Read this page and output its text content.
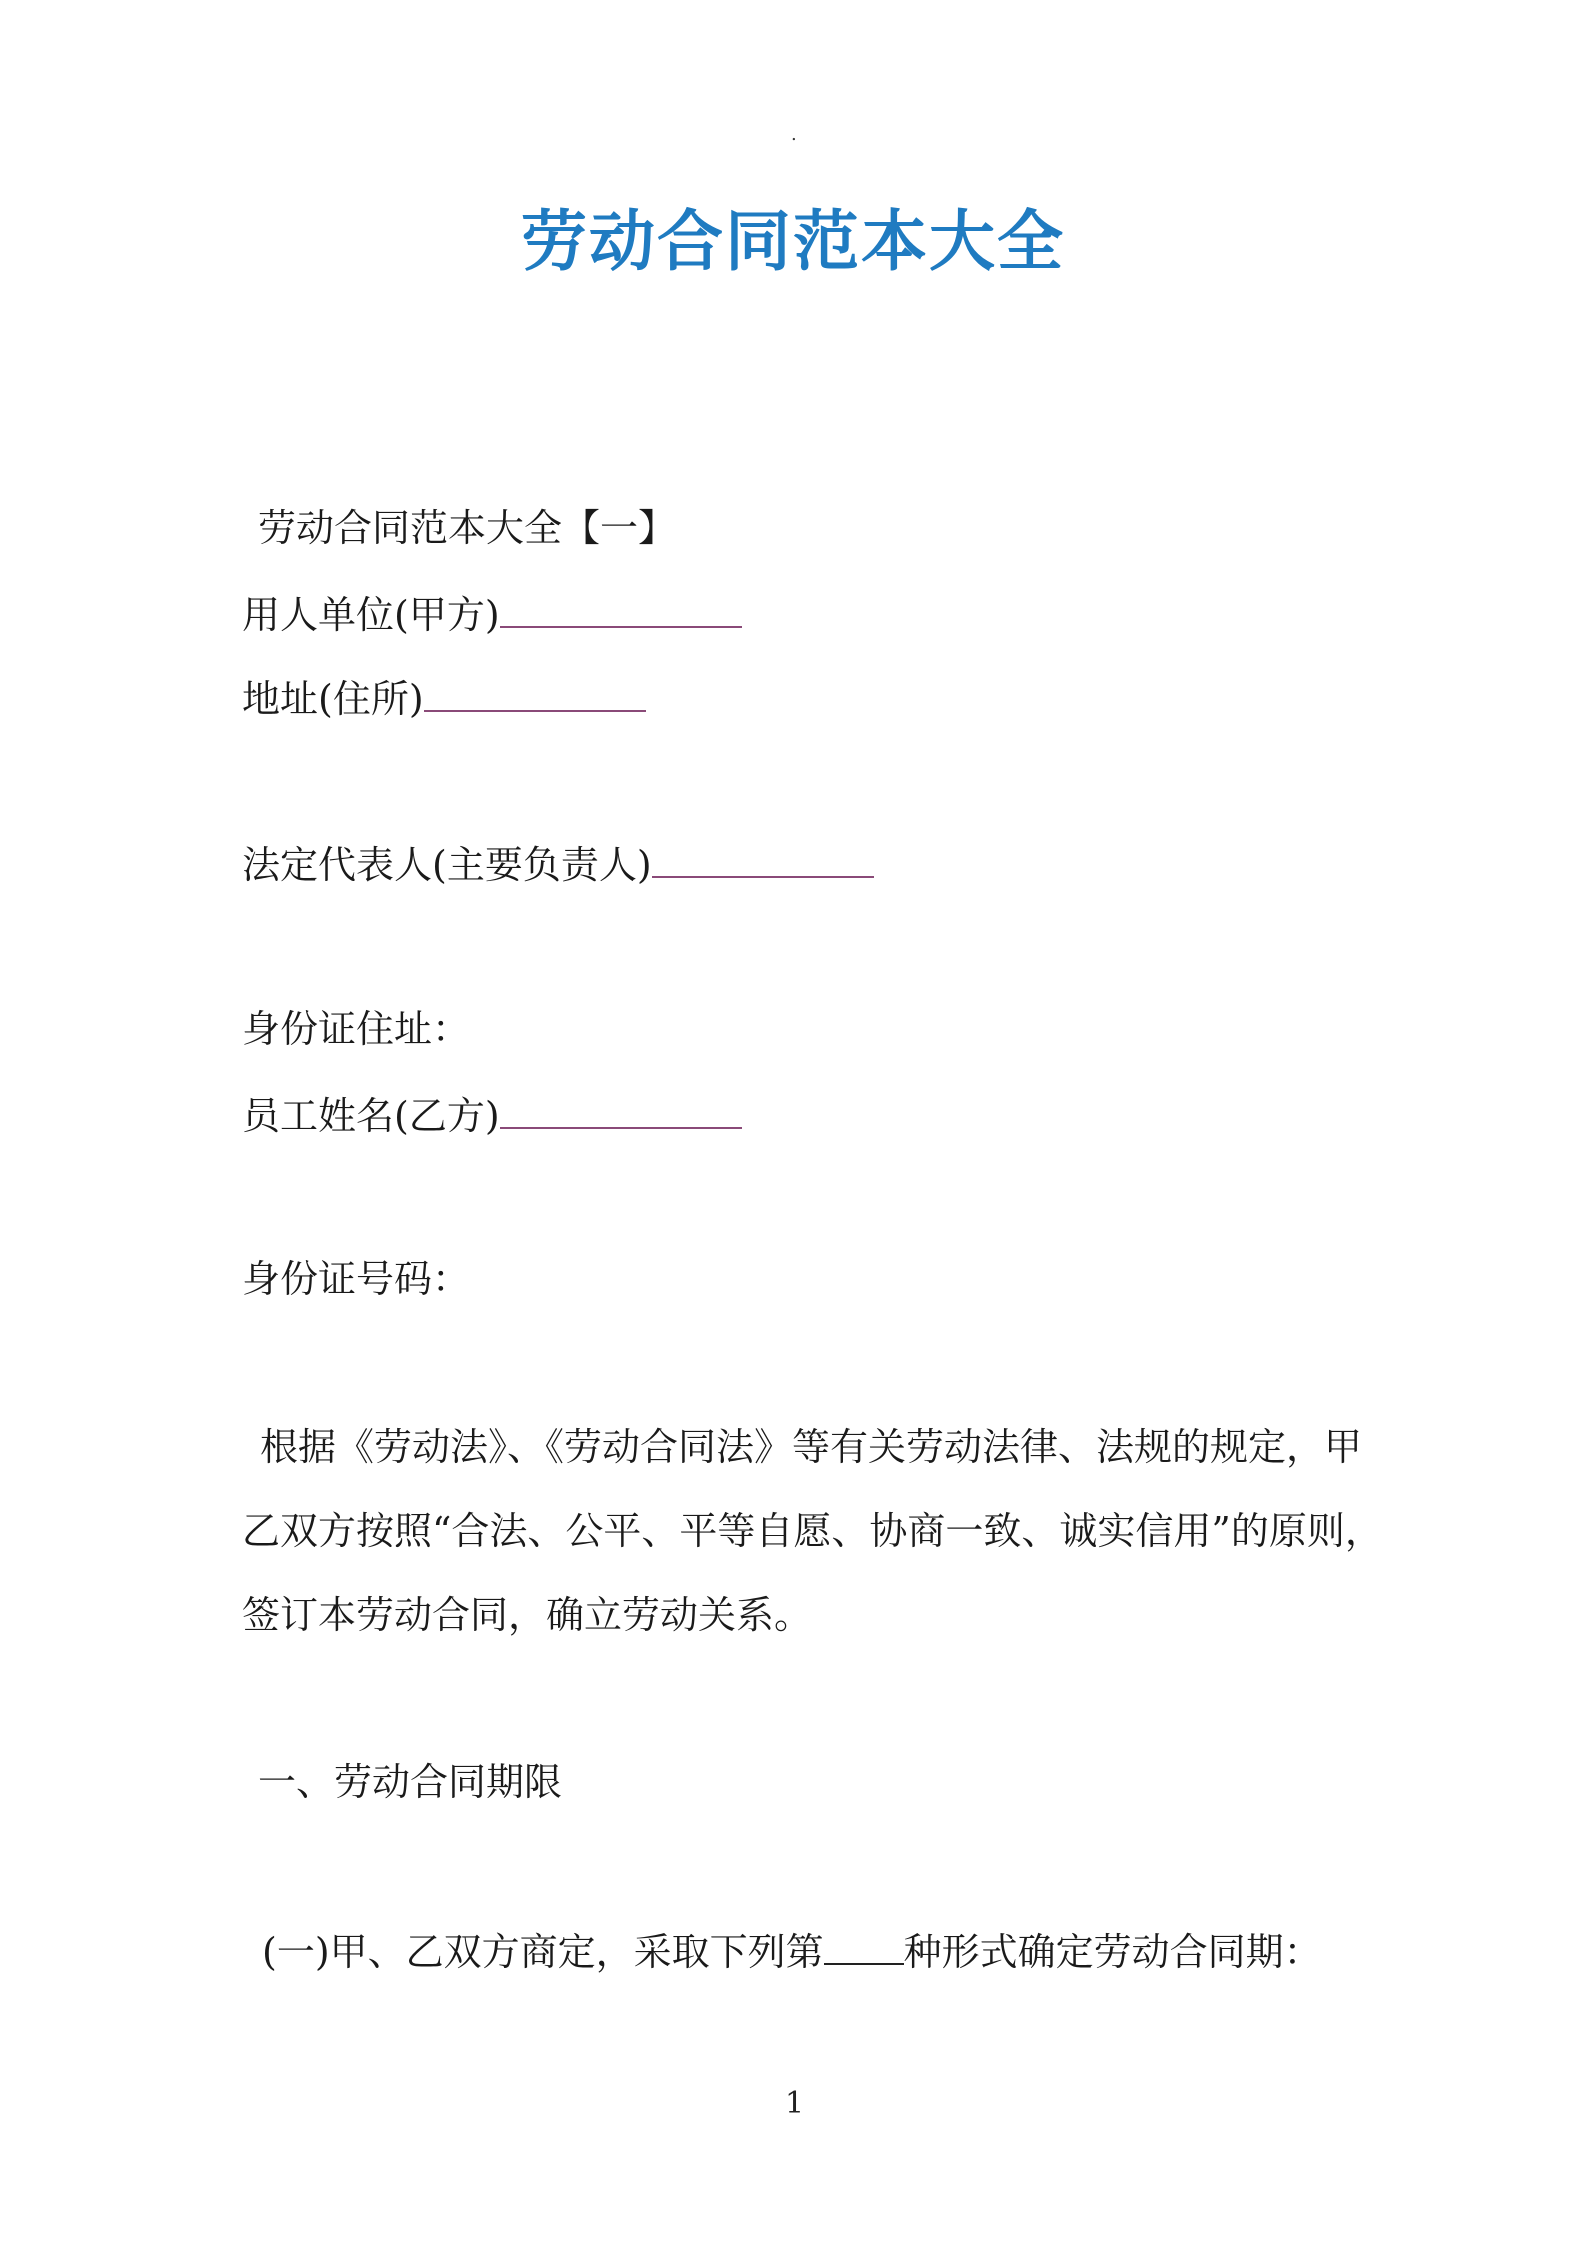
.
劳动合同范本大全
劳动合同范本大全【一】
用人单位(甲方)
地址(住所)
法定代表人(主要负责人)
身份证住址：
员工姓名(乙方)
身份证号码：
根据《劳动法》、《劳动合同法》等有关劳动法律、法规的规定，甲
乙双方按照“合法、公平、平等自愿、协商一致、诚实信用”的原则，
签订本劳动合同，确立劳动关系。
一、劳动合同期限
(一)甲、乙双方商定，采取下列第 种形式确定劳动合同期：
1
